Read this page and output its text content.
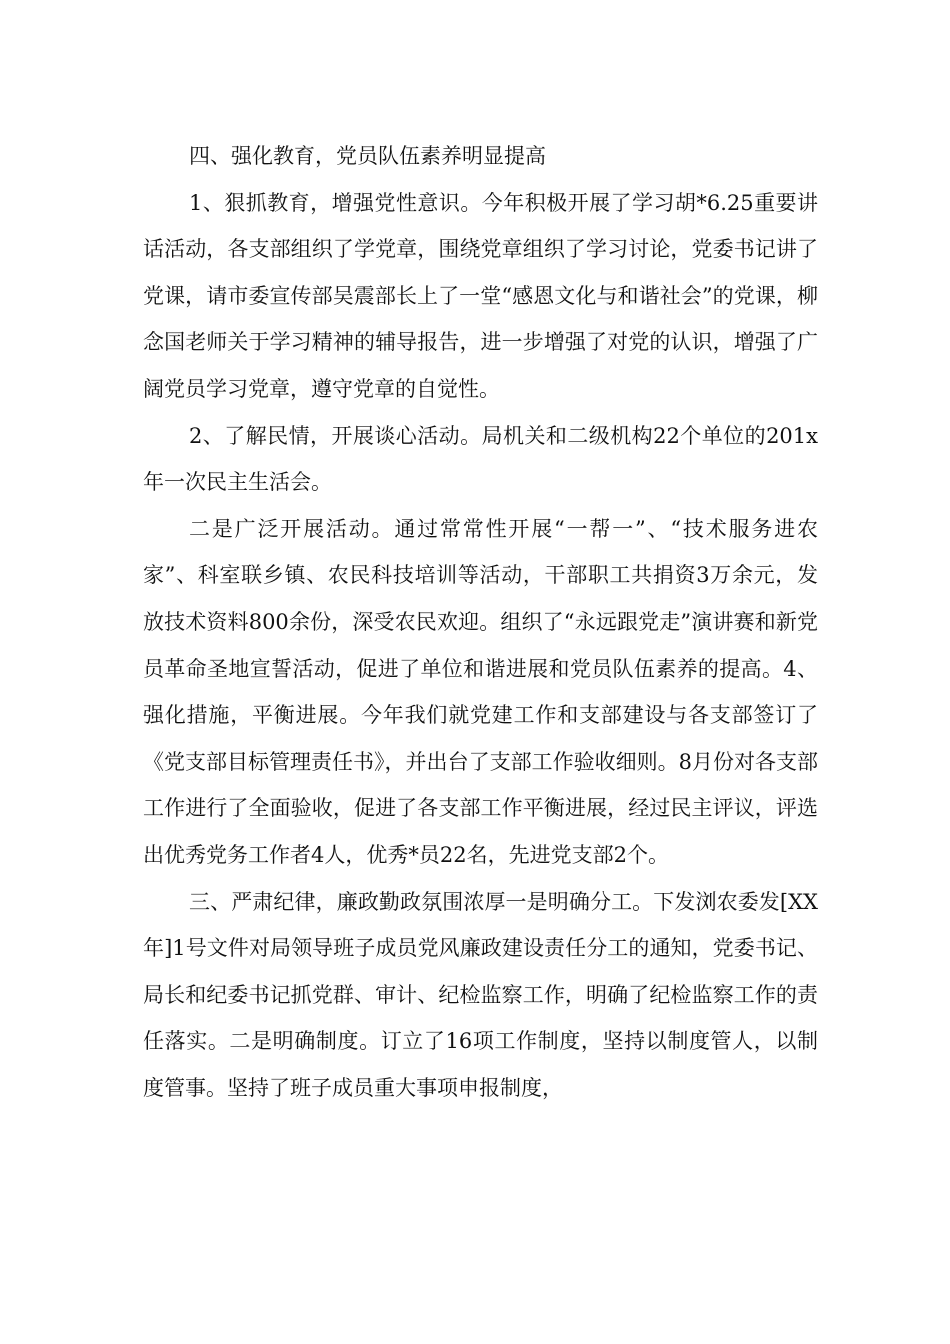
四、强化教育，党员队伍素养明显提高

1、狠抓教育，增强党性意识。今年积极开展了学习胡*6.25重要讲话活动，各支部组织了学党章，围绕党章组织了学习讨论，党委书记讲了党课，请市委宣传部吴震部长上了一堂“感恩文化与和谐社会”的党课，柳念国老师关于学习精神的辅导报告，进一步增强了对党的认识，增强了广阔党员学习党章，遵守党章的自觉性。

2、了解民情，开展谈心活动。局机关和二级机构22个单位的201x年一次民主生活会。

二是广泛开展活动。通过常常性开展“一帮一”、“技术服务进农家”、科室联乡镇、农民科技培训等活动，干部职工共捐资3万余元，发放技术资料800余份，深受农民欢迎。组织了“永远跟党走”演讲赛和新党员革命圣地宣誓活动，促进了单位和谐进展和党员队伍素养的提高。4、强化措施，平衡进展。今年我们就党建工作和支部建设与各支部签订了《党支部目标管理责任书》，并出台了支部工作验收细则。8月份对各支部工作进行了全面验收，促进了各支部工作平衡进展，经过民主评议，评选出优秀党务工作者4人，优秀*员22名，先进党支部2个。

三、严肃纪律，廉政勤政氛围浓厚一是明确分工。下发浏农委发[XX年]1号文件对局领导班子成员党风廉政建设责任分工的通知，党委书记、局长和纪委书记抓党群、审计、纪检监察工作，明确了纪检监察工作的责任落实。二是明确制度。订立了16项工作制度，坚持以制度管人，以制度管事。坚持了班子成员重大事项申报制度，
